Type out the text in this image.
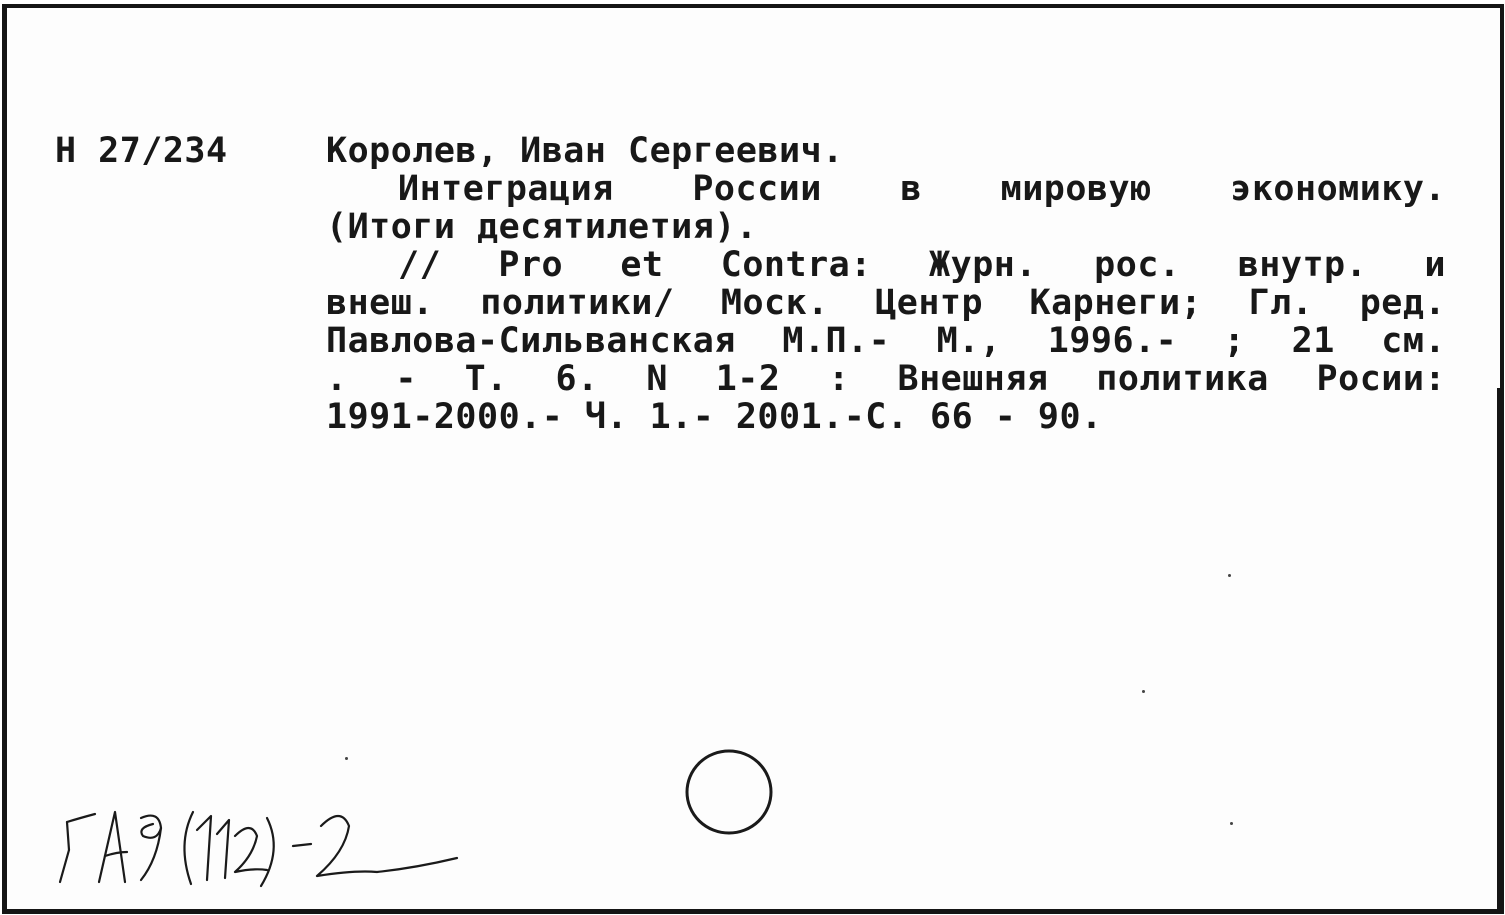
Н 27/234	Королев, Иван Сергеевич.
Интеграция России в мировую экономику.
(Итоги десятилетия).
// Pro et Contra: Журн. рос. внутр. и
внеш. политики/ Моск. Центр Карнеги; Гл. ред.
Павлова-Сильванская М.П.- М., 1996.- ; 21 см.
. - Т. 6. N 1-2 : Внешняя политика Росии:
1991-2000.- Ч. 1.- 2001.-С. 66 - 90.
